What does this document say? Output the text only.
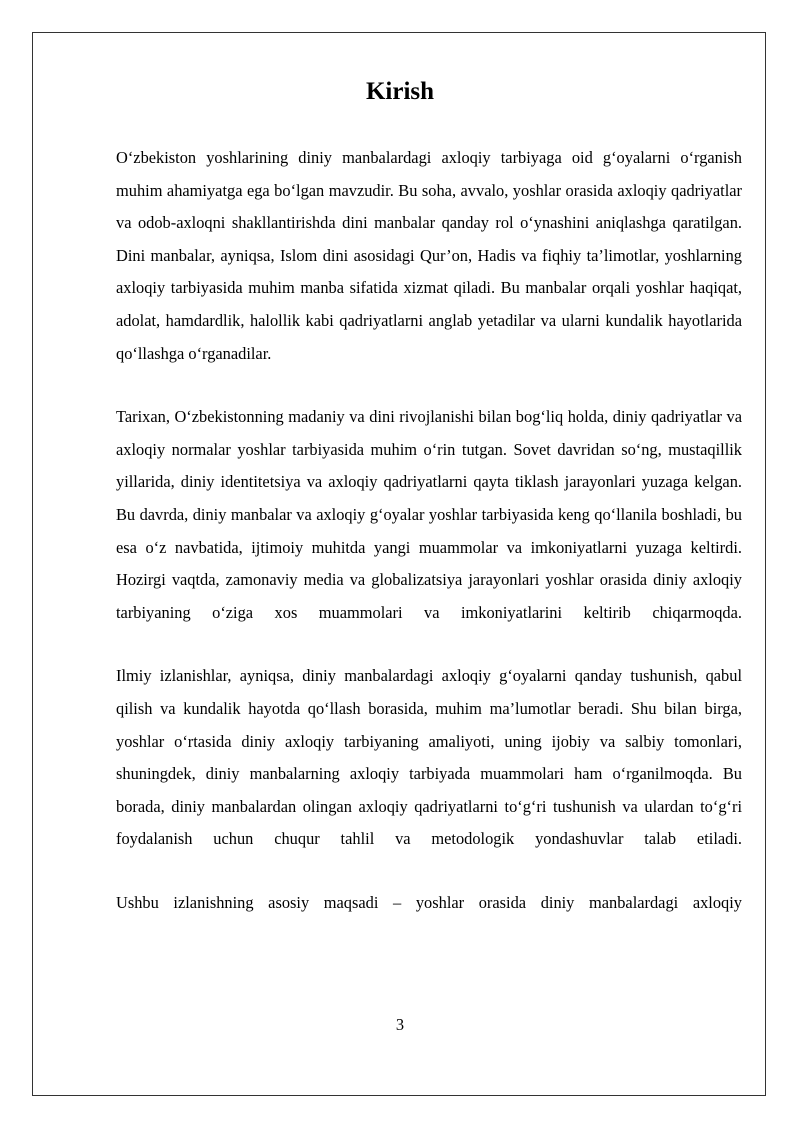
Kirish

O‘zbekiston yoshlarining diniy manbalardagi axloqiy tarbiyaga oid g‘oyalarni o‘rganish muhim ahamiyatga ega bo‘lgan mavzudir. Bu soha, avvalo, yoshlar orasida axloqiy qadriyatlar va odob-axloqni shakllantirishda dini manbalar qanday rol o‘ynashini aniqlashga qaratilgan. Dini manbalar, ayniqsa, Islom dini asosidagi Qur’on, Hadis va fiqhiy ta’limotlar, yoshlarning axloqiy tarbiyasida muhim manba sifatida xizmat qiladi. Bu manbalar orqali yoshlar haqiqat, adolat, hamdardlik, halollik kabi qadriyatlarni anglab yetadilar va ularni kundalik hayotlarida qo‘llashga o‘rganadilar.

Tarixan, O‘zbekistonning madaniy va dini rivojlanishi bilan bog‘liq holda, diniy qadriyatlar va axloqiy normalar yoshlar tarbiyasida muhim o‘rin tutgan. Sovet davridan so‘ng, mustaqillik yillarida, diniy identitetsiya va axloqiy qadriyatlarni qayta tiklash jarayonlari yuzaga kelgan. Bu davrda, diniy manbalar va axloqiy g‘oyalar yoshlar tarbiyasida keng qo‘llanila boshladi, bu esa o‘z navbatida, ijtimoiy muhitda yangi muammolar va imkoniyatlarni yuzaga keltirdi. Hozirgi vaqtda, zamonaviy media va globalizatsiya jarayonlari yoshlar orasida diniy axloqiy tarbiyaning o‘ziga xos muammolari va imkoniyatlarini keltirib chiqarmoqda.

Ilmiy izlanishlar, ayniqsa, diniy manbalardagi axloqiy g‘oyalarni qanday tushunish, qabul qilish va kundalik hayotda qo‘llash borasida, muhim ma’lumotlar beradi. Shu bilan birga, yoshlar o‘rtasida diniy axloqiy tarbiyaning amaliyoti, uning ijobiy va salbiy tomonlari, shuningdek, diniy manbalarning axloqiy tarbiyada muammolari ham o‘rganilmoqda. Bu borada, diniy manbalardan olingan axloqiy qadriyatlarni to‘g‘ri tushunish va ulardan to‘g‘ri foydalanish uchun chuqur tahlil va metodologik yondashuvlar talab etiladi.

Ushbu izlanishning asosiy maqsadi – yoshlar orasida diniy manbalardagi axloqiy

3
